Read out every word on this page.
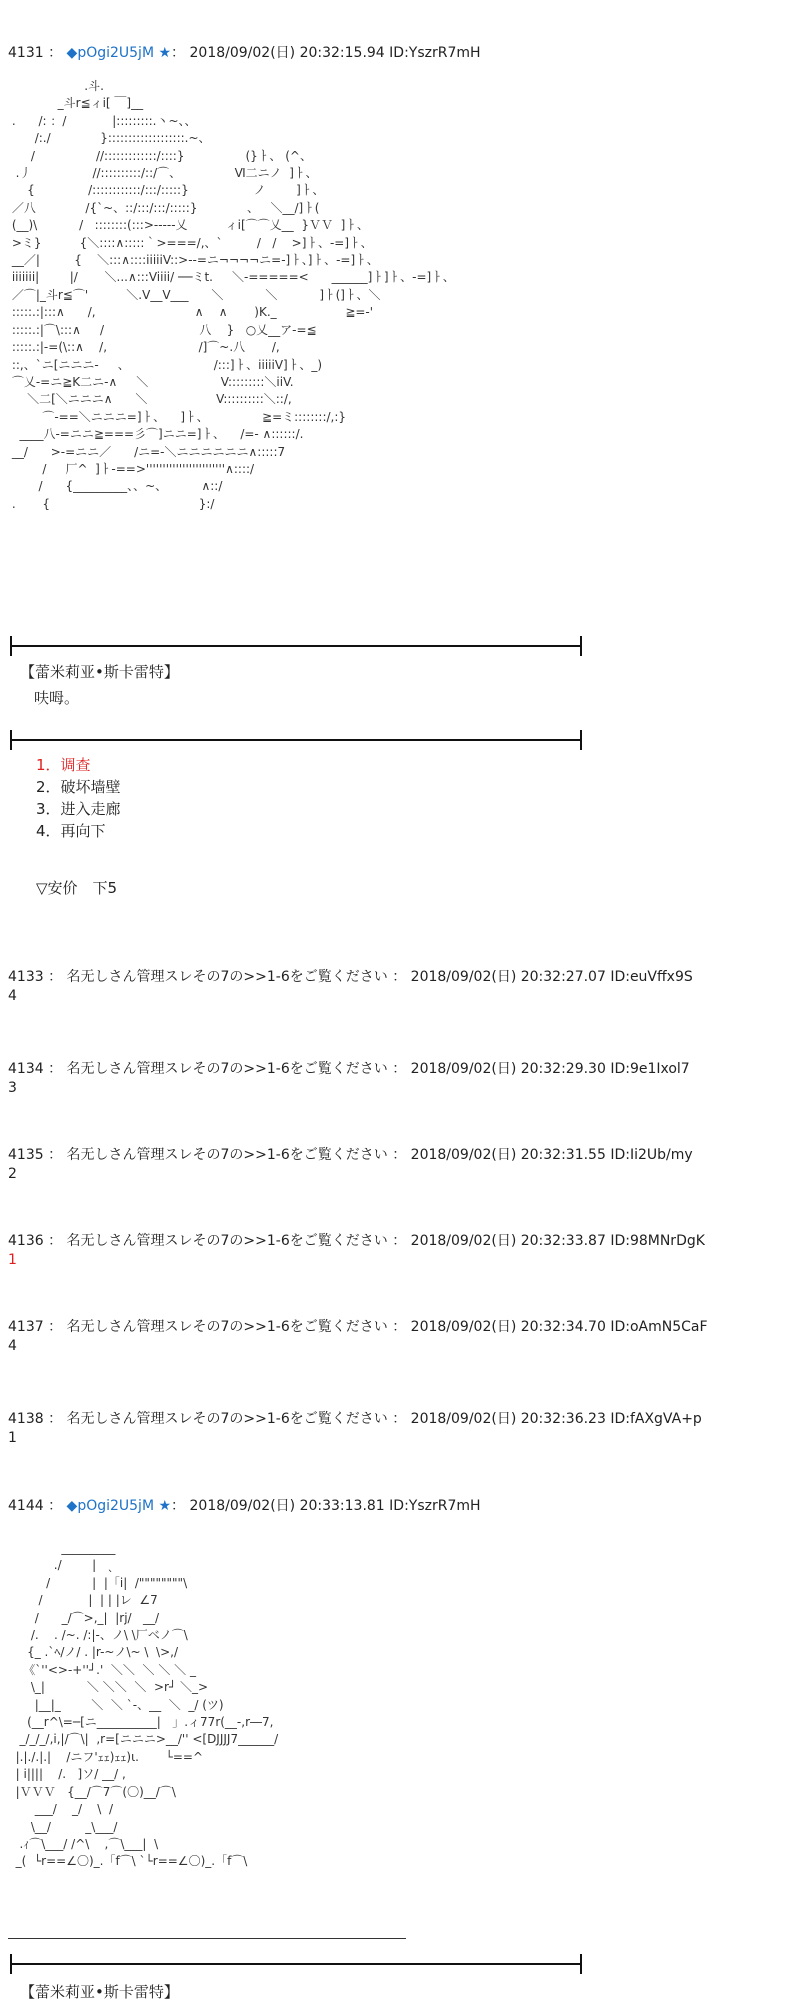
4131 ： ◆pOgi2U5jM ★： 2018/09/02(日) 20:32:15.94 ID:YszrR7mH
.斗.
_斗r≦ィi[ ￣]__
.      /: ：/            |:::::::::.丶~、、
/:./             }:::::::::::::::::::.~、
/                //:::::::::::::/::::}                (}ㅏ、 (^、
.丿                //::::::::::/::/⌒、              Ⅵ二ニノ  ]ㅏ、
{              /::::::::::::/:::/:::::}                 ノ        ]ㅏ、
／八             /{`~、::/:::/:::/:::::}             、   ＼__/]ㅏ(
(__)\           /   ::::::::(:::>-----乂          ィi[⌒⌒乂__  }ＶＶ  ]ㅏ、
>ミ}          {＼::::∧:::::｀>===/,、`         /   /    >]ㅏ、-=]ㅏ、
__／|         {    ＼:::∧::::iiiiiV::>--=ニ¬¬¬¬ニ=-]ㅏ、]ㅏ、-=]ㅏ、
iiiiiii|        |/       ＼...∧:::Viiii/ ──ミt.     ＼-=====<      ______]ㅏ]ㅏ、-=]ㅏ、
／⌒|_斗r≦⌒'          ＼.V__V___      ＼           ＼           ]ㅏ(]ㅏ、＼
:::::.:|:::∧      /,                          ∧    ∧       )K._                  ≧=-'
:::::.:|⌒\:::∧     /                         八    }   ○乂__ア-=≦
:::::.:|-=(\::∧    /,                        /]⌒~.八       /,
::,、`ニ[ニニニ-     、                      /:::]ㅏ、iiiiiV]ㅏ、_)
⌒乂-=ニ≧K二ニ-∧     ＼                   V:::::::::＼iiV.
＼二[＼ニニニ∧      ＼                  V::::::::::＼::/,
⌒-==＼ニニニ=]ㅏ、    ]ㅏ、              ≧=ミ::::::::/,:}
____八-=ニニ≧===彡⌒]ニニ=]ㅏ、    /=- ∧::::::/.
__/      >-=ニニ／      /ニ=-＼ニニニニニニ∧:::::7
/     厂^  ]ㅏ-==>''''''''''''''''''''''''∧::::/
/      {_________、、~、         ∧::/
.       {                                       }:/
【蕾米莉亚•斯卡雷特】
呋呣。
1．调查
2．破坏墙壁
3．进入走廊
4．再向下
▽安价　下5
4133 ： 名无しさん管理スレその7の>>1-6をご覧ください ： 2018/09/02(日) 20:32:27.07 ID:euVffx9S
4
4134 ： 名无しさん管理スレその7の>>1-6をご覧ください ： 2018/09/02(日) 20:32:29.30 ID:9e1Ixol7
3
4135 ： 名无しさん管理スレその7の>>1-6をご覧ください ： 2018/09/02(日) 20:32:31.55 ID:Ii2Ub/my
2
4136 ： 名无しさん管理スレその7の>>1-6をご覧ください ： 2018/09/02(日) 20:32:33.87 ID:98MNrDgK
1
4137 ： 名无しさん管理スレその7の>>1-6をご覧ください ： 2018/09/02(日) 20:32:34.70 ID:oAmN5CaF
4
4138 ： 名无しさん管理スレその7の>>1-6をご覧ください ： 2018/09/02(日) 20:32:36.23 ID:fAXgVA+p
1
4144 ： ◆pOgi2U5jM ★： 2018/09/02(日) 20:33:13.81 ID:YszrR7mH
_________
./        |   ˎ
/           |  |「i|  /""""""""\
/            |  | | |レ  ∠7
/      _/⌒>,_|  |rj/   __/
/.    . /~. /:|-、ノ\ \厂ベノ⌒\
{_ .`ﾍ/ノ/ . |r-~ノ\~ \  \>,/
《`''<>-+''┘.'  ＼＼  ＼ ＼ ＼ _
\_|           ＼ ＼＼  ＼  >r┘ ＼_>
|__|_        ＼  ＼ `-、__  ＼  _/ (ツ)
(__r^\=─[ニ__________|   」.ィ77r(__-,r―7,
_/_/_/,i,|/⌒\|  ,r=[ニニニ>__/'' <[DJJJJ7______/
|.|./.|.|    /ニフ'ｪｪ)ｪｪ)ι.       └==^
| i||||    /.   ]ソ/ __/ ,
|ＶＶＶ   {__/⌒7⌒(〇)__/⌒\
___/    _/    \  /
\__/         _\___/
.ｨ⌒\___/ /^\    ,⌒\___|  \
_(  └r==∠〇)_.「f⌒\ `└r==∠〇)_.「f⌒\
【蕾米莉亚•斯卡雷特】
